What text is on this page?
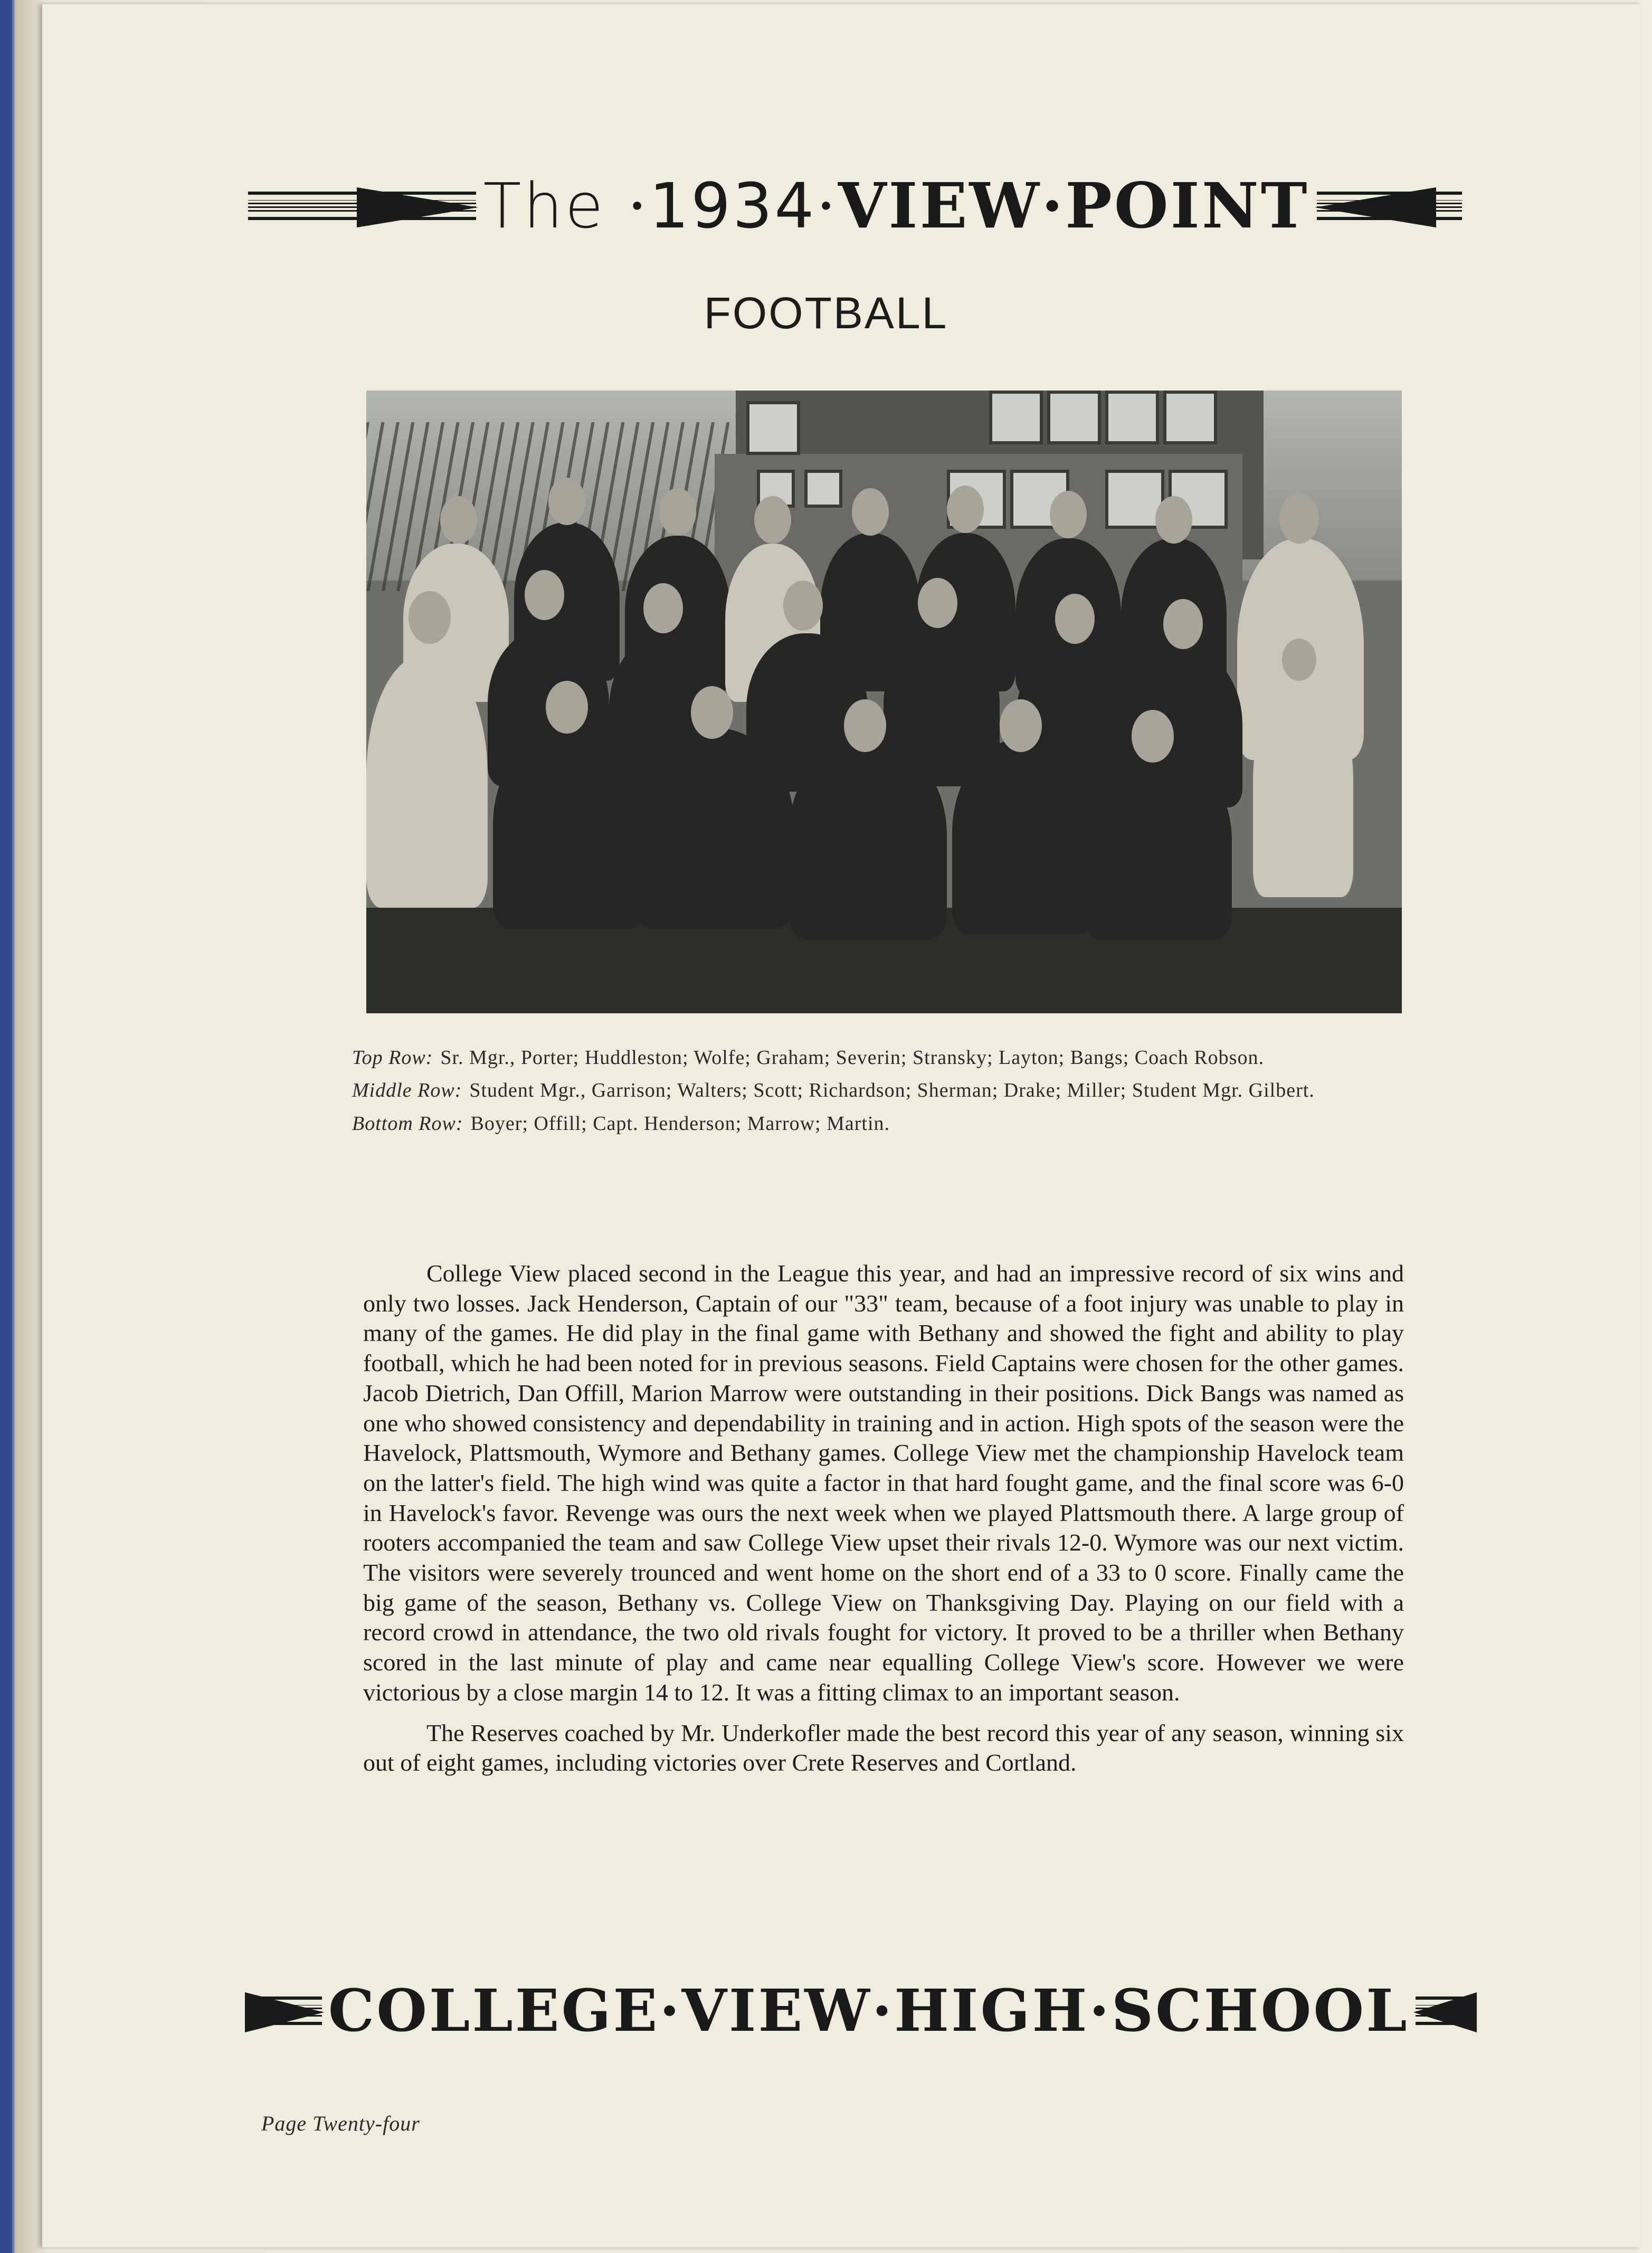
The ·1934·VIEW·POINT
FOOTBALL
Top Row: Sr. Mgr., Porter; Huddleston; Wolfe; Graham; Severin; Stransky; Layton; Bangs; Coach Robson.
Middle Row: Student Mgr., Garrison; Walters; Scott; Richardson; Sherman; Drake; Miller; Student Mgr. Gilbert.
Bottom Row: Boyer; Offill; Capt. Henderson; Marrow; Martin.

College View placed second in the League this year, and had an impressive record of six wins and only two losses. Jack Henderson, Captain of our "33" team, because of a foot injury was unable to play in many of the games. He did play in the final game with Bethany and showed the fight and ability to play football, which he had been noted for in previous seasons. Field Captains were chosen for the other games. Jacob Dietrich, Dan Offill, Marion Marrow were outstanding in their positions. Dick Bangs was named as one who showed consistency and dependability in training and in action. High spots of the season were the Havelock, Plattsmouth, Wymore and Bethany games. College View met the championship Havelock team on the latter's field. The high wind was quite a factor in that hard fought game, and the final score was 6-0 in Havelock's favor. Revenge was ours the next week when we played Plattsmouth there. A large group of rooters accompanied the team and saw College View upset their rivals 12-0. Wymore was our next victim. The visitors were severely trounced and went home on the short end of a 33 to 0 score. Finally came the big game of the season, Bethany vs. College View on Thanksgiving Day. Playing on our field with a record crowd in attendance, the two old rivals fought for victory. It proved to be a thriller when Bethany scored in the last minute of play and came near equalling College View's score. However we were victorious by a close margin 14 to 12. It was a fitting climax to an important season.

The Reserves coached by Mr. Underkofler made the best record this year of any season, winning six out of eight games, including victories over Crete Reserves and Cortland.

COLLEGE·VIEW·HIGH·SCHOOL
Page Twenty-four
